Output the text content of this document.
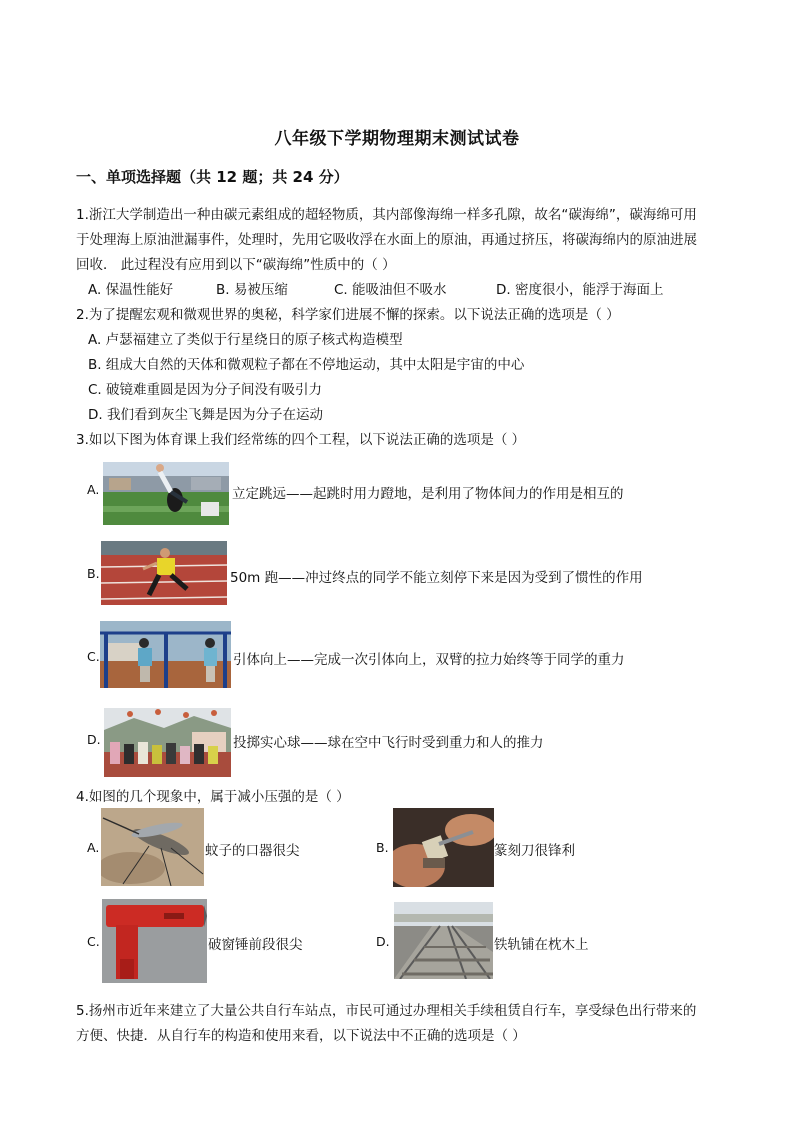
八年级下学期物理期末测试试卷
一、单项选择题（共 12 题；共 24 分）
1.浙江大学制造出一种由碳元素组成的超轻物质，其内部像海绵一样多孔隙，故名“碳海绵”，碳海绵可用
于处理海上原油泄漏事件，处理时，先用它吸收浮在水面上的原油，再通过挤压，将碳海绵内的原油进展
回收． 此过程没有应用到以下“碳海绵”性质中的（ ）
A. 保温性能好	B. 易被压缩	C. 能吸油但不吸水	D. 密度很小，能浮于海面上
2.为了提醒宏观和微观世界的奥秘，科学家们进展不懈的探索。以下说法正确的选项是（ ）
A. 卢瑟福建立了类似于行星绕日的原子核式构造模型
B. 组成大自然的天体和微观粒子都在不停地运动，其中太阳是宇宙的中心
C. 破镜难重圆是因为分子间没有吸引力
D. 我们看到灰尘飞舞是因为分子在运动
3.如以下图为体育课上我们经常练的四个工程，以下说法正确的选项是（ ）
A.	立定跳远——起跳时用力蹬地，是利用了物体间力的作用是相互的
B.	50m 跑——冲过终点的同学不能立刻停下来是因为受到了惯性的作用
C.	引体向上——完成一次引体向上，双臂的拉力始终等于同学的重力
D.	投掷实心球——球在空中飞行时受到重力和人的推力
4.如图的几个现象中，属于减小压强的是（ ）
A.	蚊子的口器很尖	B.	篆刻刀很锋利
C.	破窗锤前段很尖	D.	铁轨铺在枕木上
5.扬州市近年来建立了大量公共自行车站点，市民可通过办理相关手续租赁自行车，享受绿色出行带来的
方便、快捷．从自行车的构造和使用来看，以下说法中不正确的选项是（ ）
